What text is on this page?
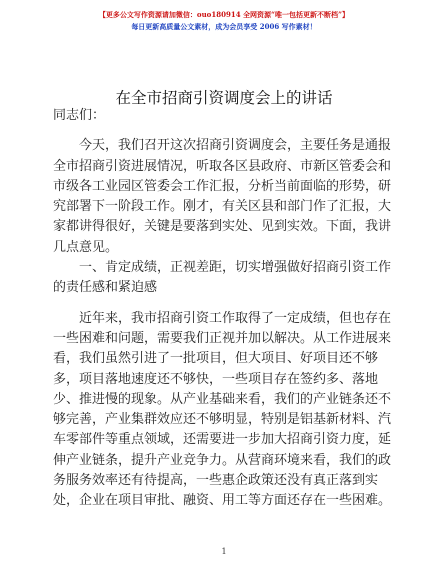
【更多公文写作资源请加微信：ouo180914 全网资源“唯一包括更新不断档”】
每日更新高质量公文素材，成为会员享受 2006 写作素材！
在全市招商引资调度会上的讲话

同志们：

今天，我们召开这次招商引资调度会，主要任务是通报全市招商引资进展情况，听取各区县政府、市新区管委会和市级各工业园区管委会工作汇报，分析当前面临的形势，研究部署下一阶段工作。刚才，有关区县和部门作了汇报，大家都讲得很好，关键是要落到实处、见到实效。下面，我讲几点意见。

一、肯定成绩，正视差距，切实增强做好招商引资工作的责任感和紧迫感

近年来，我市招商引资工作取得了一定成绩，但也存在一些困难和问题，需要我们正视并加以解决。从工作进展来看，我们虽然引进了一批项目，但大项目、好项目还不够多，项目落地速度还不够快，一些项目存在签约多、落地少、推进慢的现象。从产业基础来看，我们的产业链条还不够完善，产业集群效应还不够明显，特别是铝基新材料、汽车零部件等重点领域，还需要进一步加大招商引资力度，延伸产业链条，提升产业竞争力。从营商环境来看，我们的政务服务效率还有待提高，一些惠企政策还没有真正落到实处，企业在项目审批、融资、用工等方面还存在一些困难。

1
